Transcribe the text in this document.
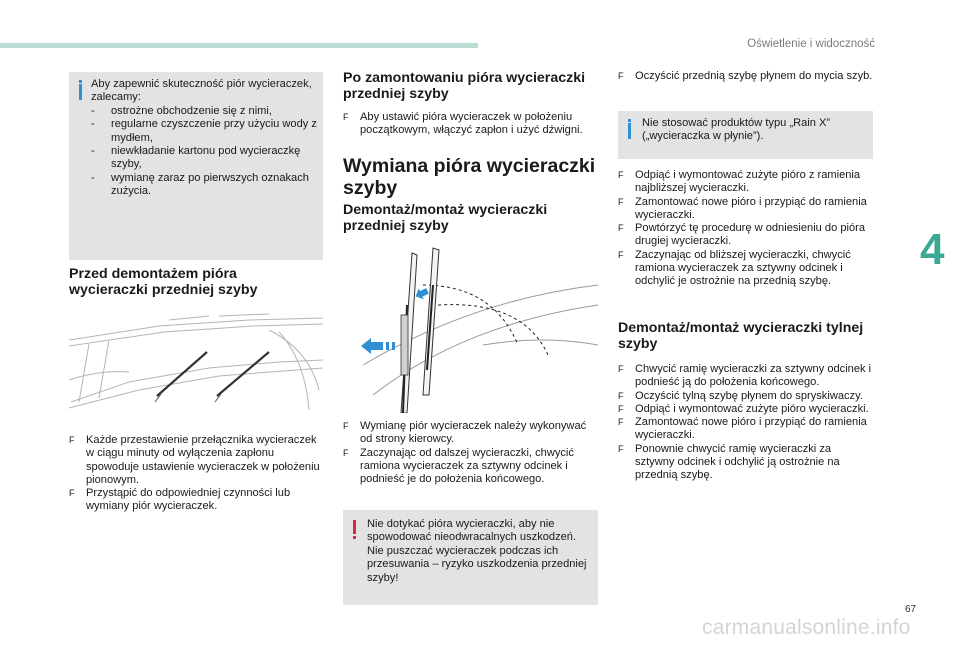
Oświetlenie i widoczność
4
Aby zapewnić skuteczność piór wycieraczek, zalecamy:
- ostrożne obchodzenie się z nimi,
- regularne czyszczenie przy użyciu wody z mydłem,
- niewkładanie kartonu pod wycieraczkę szyby,
- wymianę zaraz po pierwszych oznakach zużycia.
Przed demontażem pióra wycieraczki przedniej szyby
F Każde przestawienie przełącznika wycieraczek w ciągu minuty od wyłączenia zapłonu spowoduje ustawienie wycieraczek w położeniu pionowym.
F Przystąpić do odpowiedniej czynności lub wymiany piór wycieraczek.
Po zamontowaniu pióra wycieraczki przedniej szyby
F Aby ustawić pióra wycieraczek w położeniu początkowym, włączyć zapłon i użyć dźwigni.
Wymiana pióra wycieraczki szyby
Demontaż/montaż wycieraczki przedniej szyby
F Wymianę piór wycieraczek należy wykonywać od strony kierowcy.
F Zaczynając od dalszej wycieraczki, chwycić ramiona wycieraczek za sztywny odcinek i podnieść je do położenia końcowego.
Nie dotykać pióra wycieraczki, aby nie spowodować nieodwracalnych uszkodzeń. Nie puszczać wycieraczek podczas ich przesuwania – ryzyko uszkodzenia przedniej szyby!
F Oczyścić przednią szybę płynem do mycia szyb.
Nie stosować produktów typu „Rain X” („wycieraczka w płynie”).
F Odpiąć i wymontować zużyte pióro z ramienia najbliższej wycieraczki.
F Zamontować nowe pióro i przypiąć do ramienia wycieraczki.
F Powtórzyć tę procedurę w odniesieniu do pióra drugiej wycieraczki.
F Zaczynając od bliższej wycieraczki, chwycić ramiona wycieraczek za sztywny odcinek i odchylić je ostrożnie na przednią szybę.
Demontaż/montaż wycieraczki tylnej szyby
F Chwycić ramię wycieraczki za sztywny odcinek i podnieść ją do położenia końcowego.
F Oczyścić tylną szybę płynem do spryskiwaczy.
F Odpiąć i wymontować zużyte pióro wycieraczki.
F Zamontować nowe pióro i przypiąć do ramienia wycieraczki.
F Ponownie chwycić ramię wycieraczki za sztywny odcinek i odchylić ją ostrożnie na przednią szybę.
67
carmanualsonline.info
